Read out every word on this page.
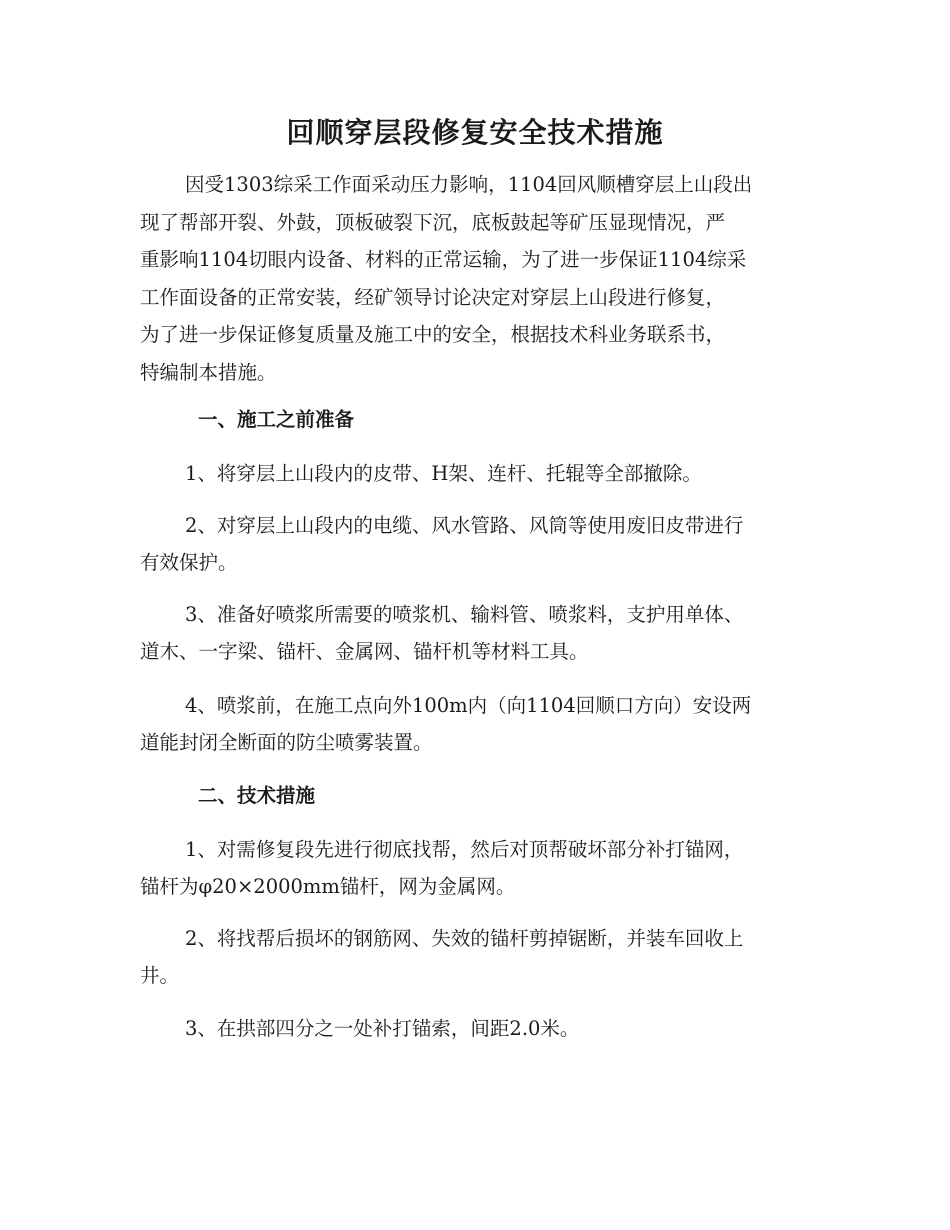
回顺穿层段修复安全技术措施

因受1303综采工作面采动压力影响，1104回风顺槽穿层上山段出
现了帮部开裂、外鼓，顶板破裂下沉，底板鼓起等矿压显现情况，严
重影响1104切眼内设备、材料的正常运输，为了进一步保证1104综采
工作面设备的正常安装，经矿领导讨论决定对穿层上山段进行修复，
为了进一步保证修复质量及施工中的安全，根据技术科业务联系书，
特编制本措施。

一、施工之前准备

1、将穿层上山段内的皮带、H架、连杆、托辊等全部撤除。

2、对穿层上山段内的电缆、风水管路、风筒等使用废旧皮带进行
有效保护。

3、准备好喷浆所需要的喷浆机、输料管、喷浆料，支护用单体、
道木、一字梁、锚杆、金属网、锚杆机等材料工具。

4、喷浆前，在施工点向外100m内（向1104回顺口方向）安设两
道能封闭全断面的防尘喷雾装置。

二、技术措施

1、对需修复段先进行彻底找帮，然后对顶帮破坏部分补打锚网，
锚杆为φ20×2000mm锚杆，网为金属网。

2、将找帮后损坏的钢筋网、失效的锚杆剪掉锯断，并装车回收上
井。

3、在拱部四分之一处补打锚索，间距2.0米。
